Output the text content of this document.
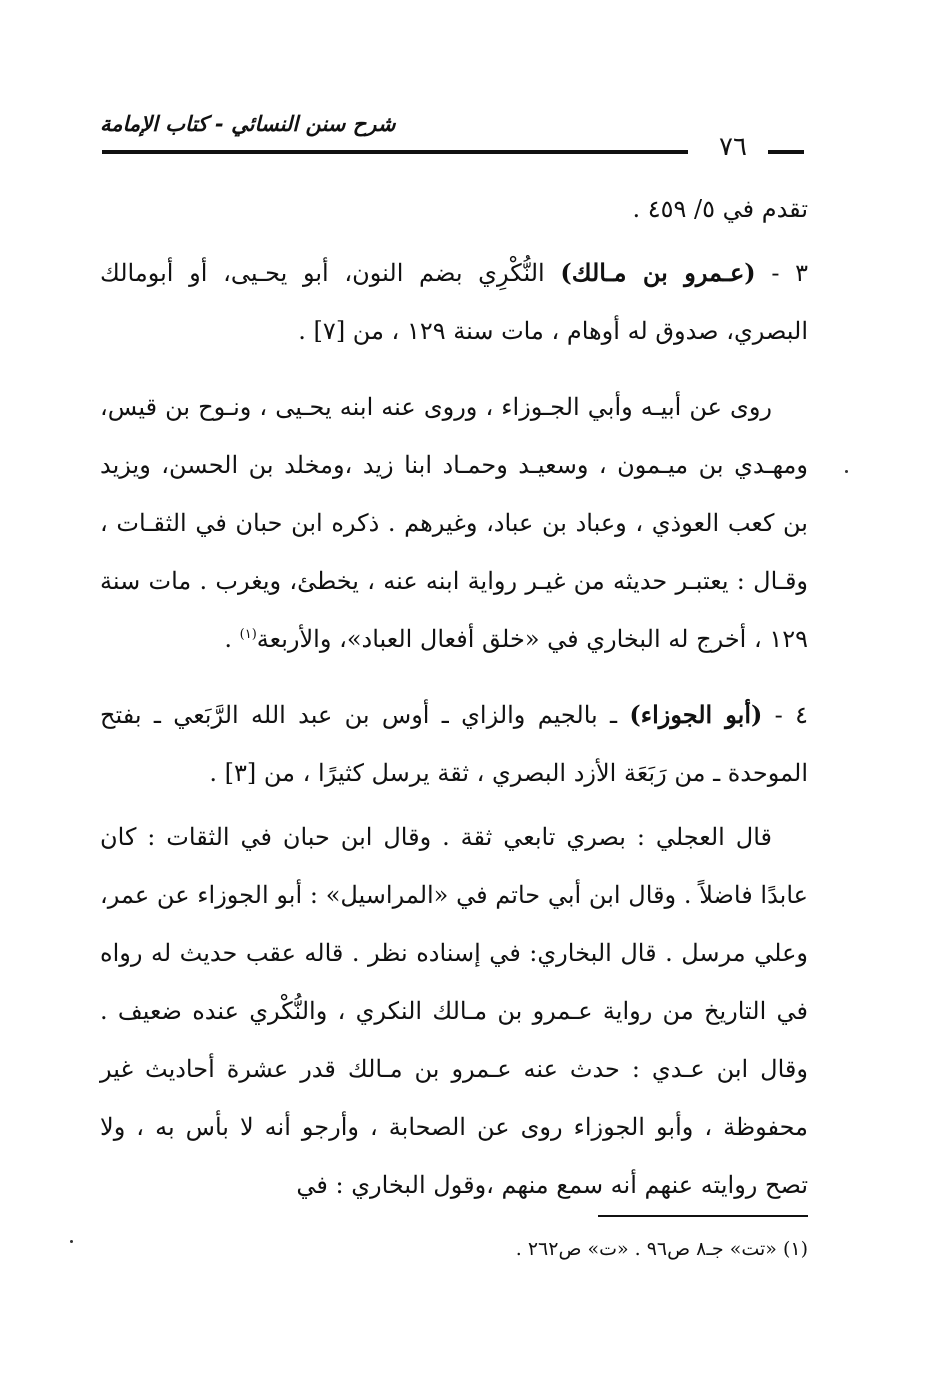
شرح سنن النسائي - كتاب الإمامة
٧٦

تقدم في ٥/ ٤٥٩ .

٣ - (عـمرو بن مـالك) النُّكْرِي بضم النون، أبو يحـيى، أو أبومالك البصري، صدوق له أوهام ، مات سنة ١٢٩ ، من [٧] .

روى عن أبيـه وأبي الجـوزاء ، وروى عنه ابنه يحـيى ، ونـوح بن قيس، ومهـدي بن ميـمون ، وسعيـد وحمـاد ابنا زيد ،ومخلد بن الحسن، ويزيد بن كعب العوذي ، وعباد بن عباد، وغيرهم . ذكره ابن حبان في الثقـات ، وقـال : يعتبـر حديثه من غيـر رواية ابنه عنه ، يخطئ، ويغرب . مات سنة ١٢٩ ، أخرج له البخاري في «خلق أفعال العباد»، والأربعة$^{(١)}$ .

٤ - (أبو الجوزاء) ـ بالجيم والزاي ـ أوس بن عبد الله الرَّبَعي ـ بفتح الموحدة ـ من رَبَعَة الأزد البصري ، ثقة يرسل كثيرًا ، من [٣] .

قال العجلي : بصري تابعي ثقة . وقال ابن حبان في الثقات : كان عابدًا فاضلاً . وقال ابن أبي حاتم في «المراسيل» : أبو الجوزاء عن عمر، وعلي مرسل . قال البخاري: في إسناده نظر . قاله عقب حديث له رواه في التاريخ من رواية عـمرو بن مـالك النكري ، والنُّكْري عنده ضعيف . وقال ابن عـدي : حدث عنه عـمرو بن مـالك قدر عشرة أحاديث غير محفوظة ، وأبو الجوزاء روى عن الصحابة ، وأرجو أنه لا بأس به ، ولا تصح روايته عنهم أنه سمع منهم ،وقول البخاري : في

(١) «تت» جـ٨ ص٩٦ . «ت» ص٢٦٢ .
